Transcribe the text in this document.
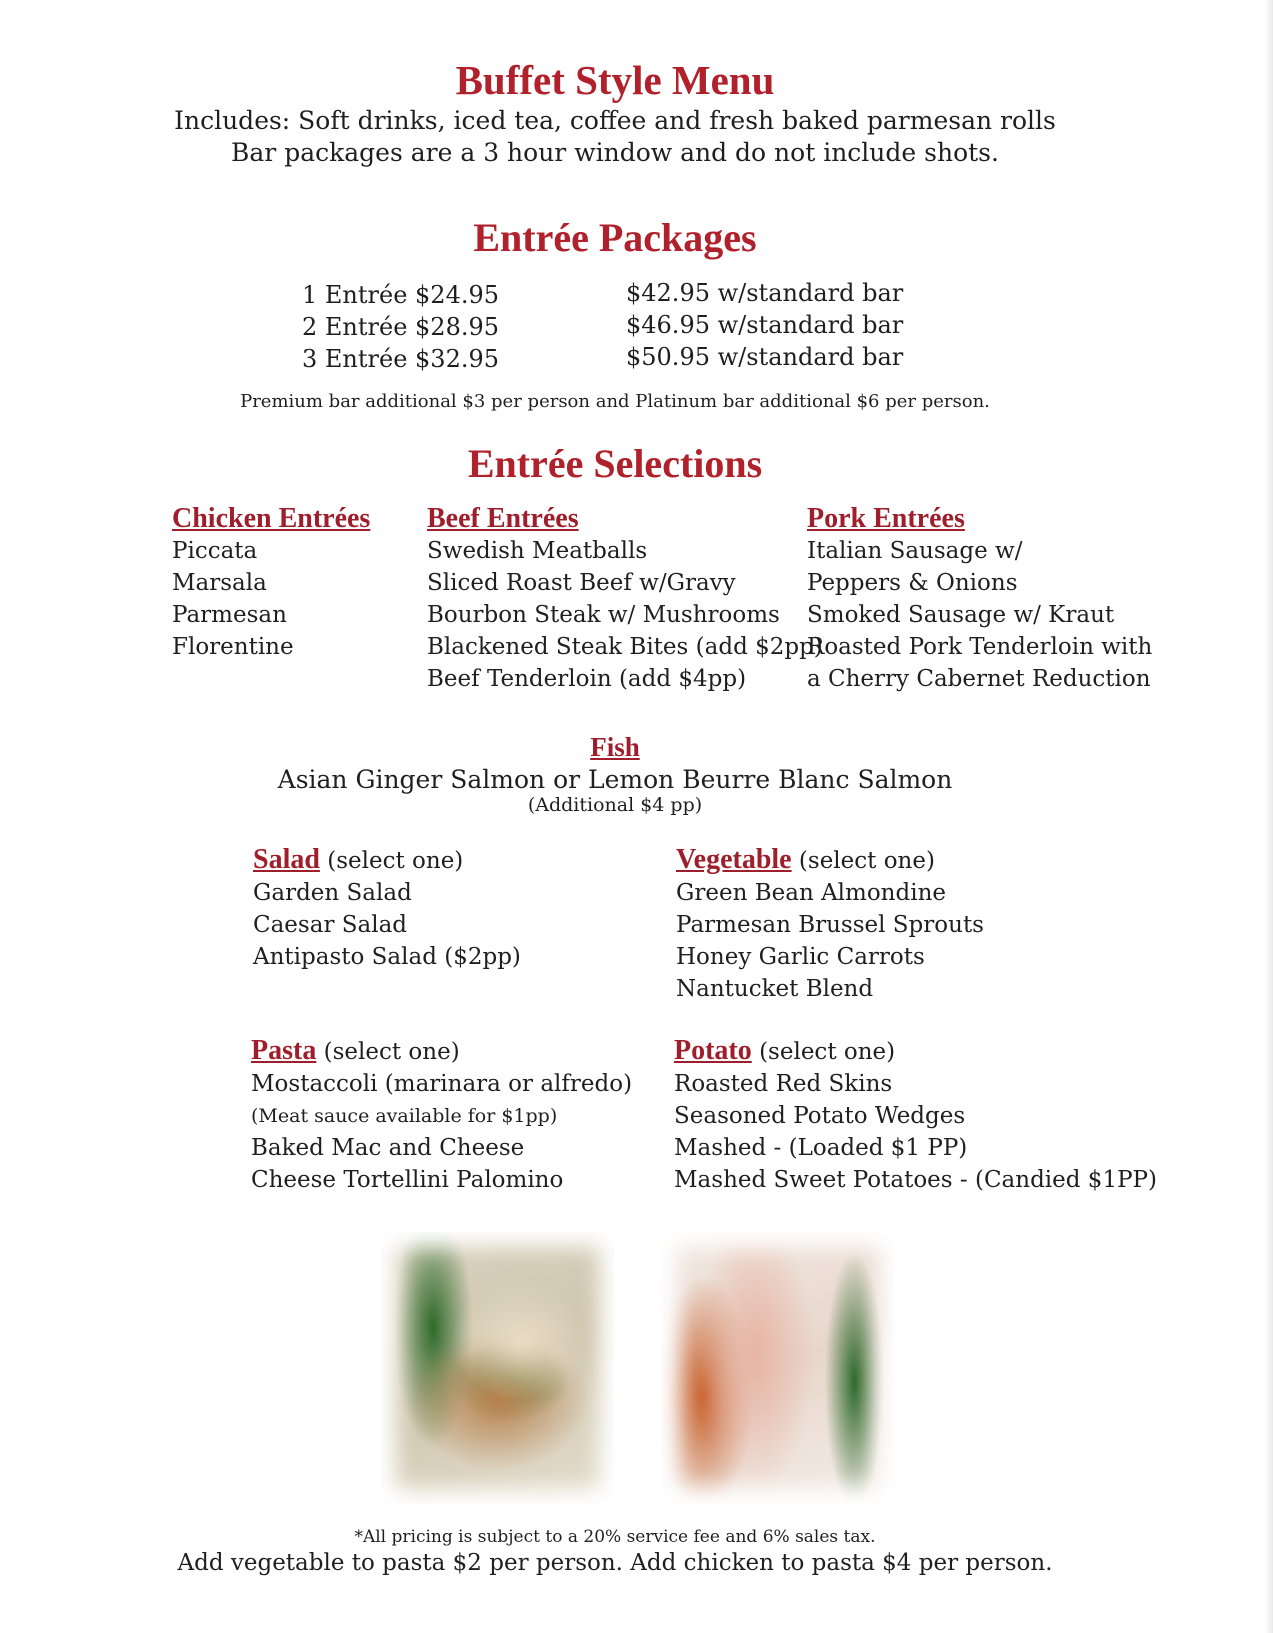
Buffet Style Menu
Includes: Soft drinks, iced tea, coffee and fresh baked parmesan rolls
Bar packages are a 3 hour window and do not include shots.
Entrée Packages
1 Entrée $24.95	$42.95 w/standard bar
2 Entrée $28.95	$46.95 w/standard bar
3 Entrée $32.95	$50.95 w/standard bar
Premium bar additional $3 per person and Platinum bar additional $6 per person.
Entrée Selections
Chicken Entrées
Piccata
Marsala
Parmesan
Florentine
Beef Entrées
Swedish Meatballs
Sliced Roast Beef w/Gravy
Bourbon Steak w/ Mushrooms
Blackened Steak Bites (add $2pp)
Beef Tenderloin (add $4pp)
Pork Entrées
Italian Sausage w/
Peppers & Onions
Smoked Sausage w/ Kraut
Roasted Pork Tenderloin with
a Cherry Cabernet Reduction
Fish
Asian Ginger Salmon or Lemon Beurre Blanc Salmon
(Additional $4 pp)
Salad (select one)
Garden Salad
Caesar Salad
Antipasto Salad ($2pp)
Vegetable (select one)
Green Bean Almondine
Parmesan Brussel Sprouts
Honey Garlic Carrots
Nantucket Blend
Pasta (select one)
Mostaccoli (marinara or alfredo)
(Meat sauce available for $1pp)
Baked Mac and Cheese
Cheese Tortellini Palomino
Potato (select one)
Roasted Red Skins
Seasoned Potato Wedges
Mashed - (Loaded $1 PP)
Mashed Sweet Potatoes - (Candied $1PP)
*All pricing is subject to a 20% service fee and 6% sales tax.
Add vegetable to pasta $2 per person. Add chicken to pasta $4 per person.
